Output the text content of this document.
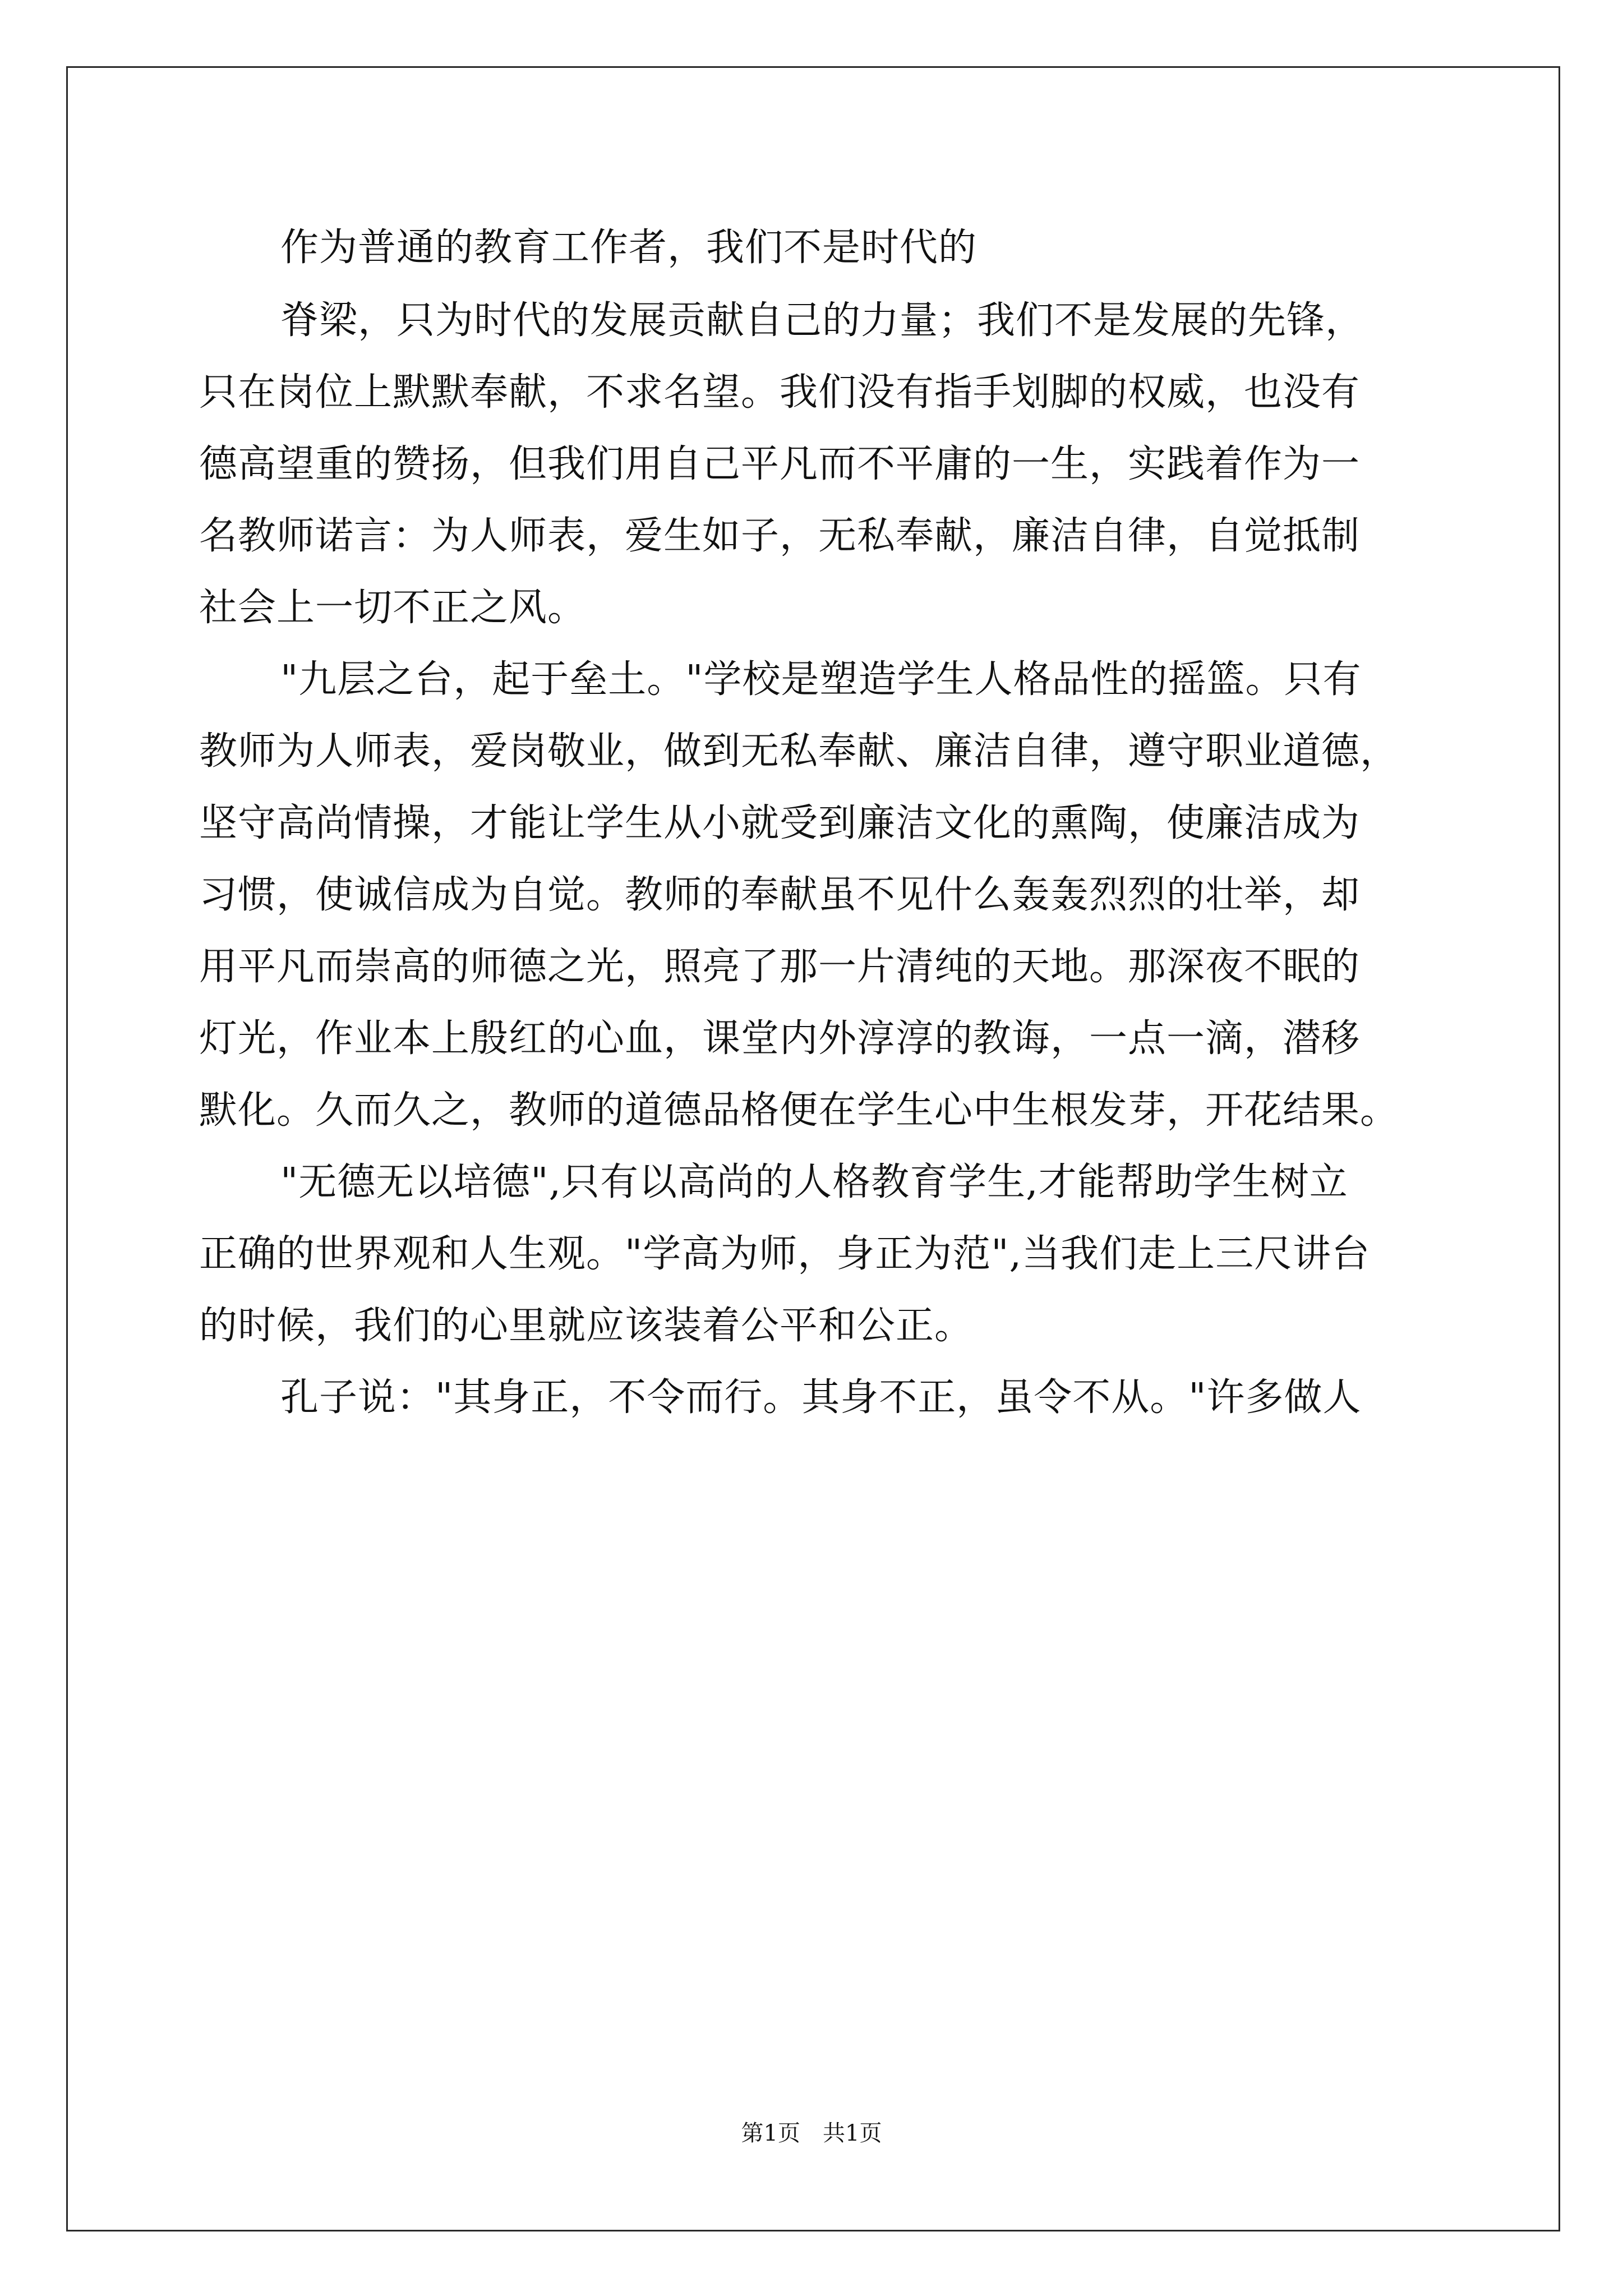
作为普通的教育工作者，我们不是时代的

脊梁，只为时代的发展贡献自己的力量；我们不是发展的先锋，

只在岗位上默默奉献，不求名望。我们没有指手划脚的权威，也没有

德高望重的赞扬，但我们用自己平凡而不平庸的一生，实践着作为一

名教师诺言：为人师表，爱生如子，无私奉献，廉洁自律，自觉抵制

社会上一切不正之风。

"九层之台，起于垒土。"学校是塑造学生人格品性的摇篮。只有

教师为人师表，爱岗敬业，做到无私奉献、廉洁自律，遵守职业道德，

坚守高尚情操，才能让学生从小就受到廉洁文化的熏陶，使廉洁成为

习惯，使诚信成为自觉。教师的奉献虽不见什么轰轰烈烈的壮举，却

用平凡而崇高的师德之光，照亮了那一片清纯的天地。那深夜不眠的

灯光，作业本上殷红的心血，课堂内外淳淳的教诲，一点一滴，潜移

默化。久而久之，教师的道德品格便在学生心中生根发芽，开花结果。

"无德无以培德",只有以高尚的人格教育学生,才能帮助学生树立

正确的世界观和人生观。"学高为师，身正为范",当我们走上三尺讲台

的时候，我们的心里就应该装着公平和公正。

孔子说："其身正，不令而行。其身不正，虽令不从。"许多做人

第1页　共1页
